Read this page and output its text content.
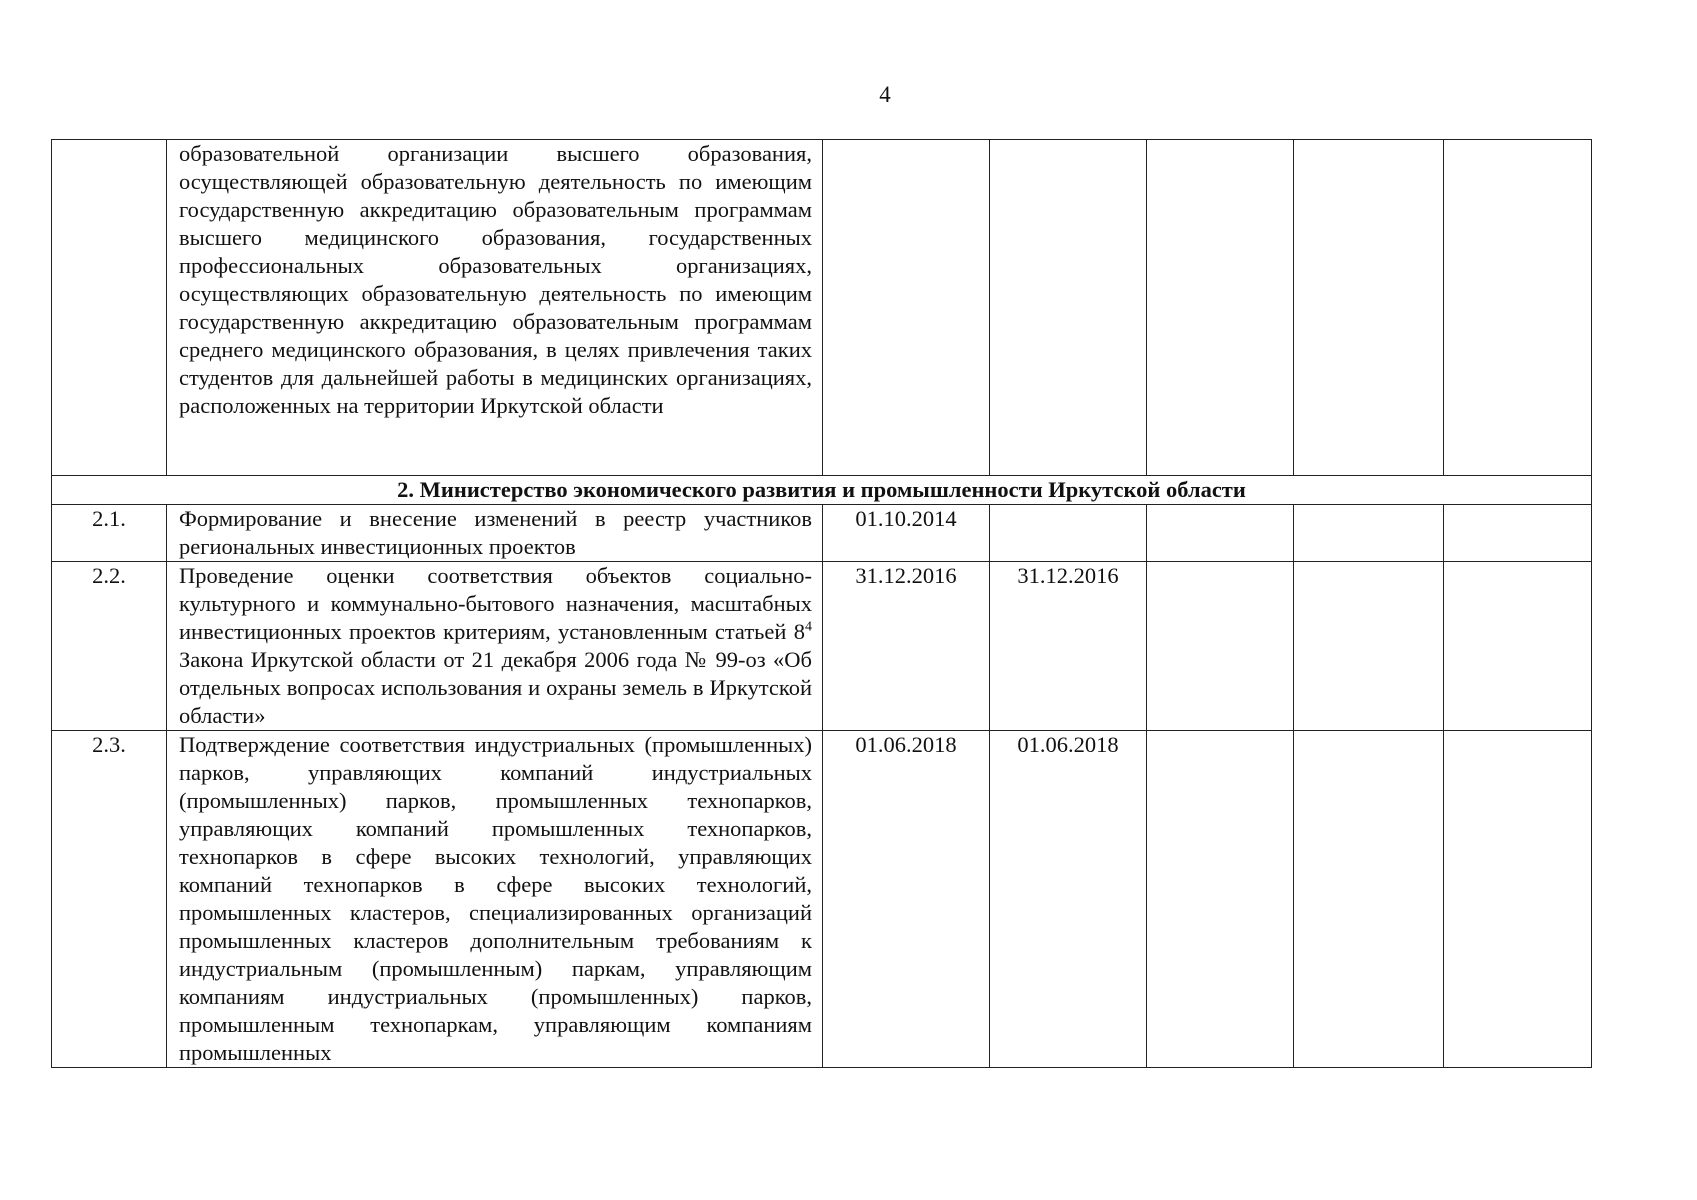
4
	образовательной организации высшего образования, осуществляющей образовательную деятельность по имеющим государственную аккредитацию образовательным программам высшего медицинского образования, государственных профессиональных образовательных организациях, осуществляющих образовательную деятельность по имеющим государственную аккредитацию образовательным программам среднего медицинского образования, в целях привлечения таких студентов для дальнейшей работы в медицинских организациях, расположенных на территории Иркутской области					
2. Министерство экономического развития и промышленности Иркутской области						
2.1.	Формирование и внесение изменений в реестр участников региональных инвестиционных проектов	01.10.2014				
2.2.	Проведение оценки соответствия объектов социально-культурного и коммунально-бытового назначения, масштабных инвестиционных проектов критериям, установленным статьей $8^4$ Закона Иркутской области от 21 декабря 2006 года № 99-оз «Об отдельных вопросах использования и охраны земель в Иркутской области»	31.12.2016	31.12.2016			
2.3.	Подтверждение соответствия индустриальных (промышленных) парков, управляющих компаний индустриальных (промышленных) парков, промышленных технопарков, управляющих компаний промышленных технопарков, технопарков в сфере высоких технологий, управляющих компаний технопарков в сфере высоких технологий, промышленных кластеров, специализированных организаций промышленных кластеров дополнительным требованиям к индустриальным (промышленным) паркам, управляющим компаниям индустриальных (промышленных) парков, промышленным технопаркам, управляющим компаниям промышленных	01.06.2018	01.06.2018			
